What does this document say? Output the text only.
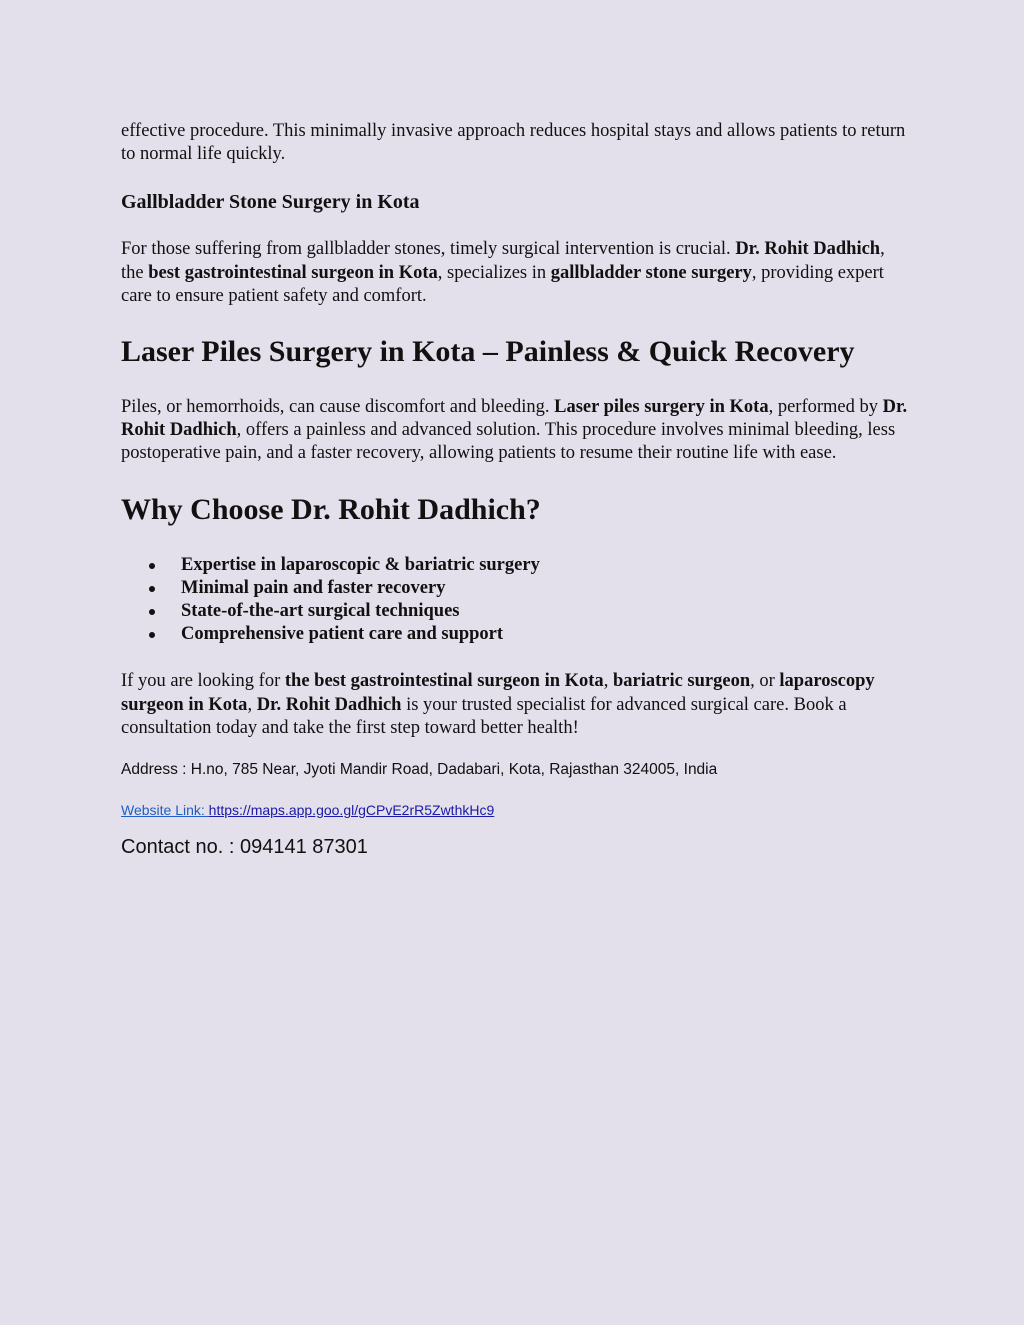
effective procedure. This minimally invasive approach reduces hospital stays and allows patients to return to normal life quickly.

Gallbladder Stone Surgery in Kota

For those suffering from gallbladder stones, timely surgical intervention is crucial. Dr. Rohit Dadhich, the best gastrointestinal surgeon in Kota, specializes in gallbladder stone surgery, providing expert care to ensure patient safety and comfort.

Laser Piles Surgery in Kota – Painless & Quick Recovery

Piles, or hemorrhoids, can cause discomfort and bleeding. Laser piles surgery in Kota, performed by Dr. Rohit Dadhich, offers a painless and advanced solution. This procedure involves minimal bleeding, less postoperative pain, and a faster recovery, allowing patients to resume their routine life with ease.

Why Choose Dr. Rohit Dadhich?
Expertise in laparoscopic & bariatric surgery
Minimal pain and faster recovery
State-of-the-art surgical techniques
Comprehensive patient care and support

If you are looking for the best gastrointestinal surgeon in Kota, bariatric surgeon, or laparoscopy surgeon in Kota, Dr. Rohit Dadhich is your trusted specialist for advanced surgical care. Book a consultation today and take the first step toward better health!

Address : H.no, 785 Near, Jyoti Mandir Road, Dadabari, Kota, Rajasthan 324005, India

Website Link: https://maps.app.goo.gl/gCPvE2rR5ZwthkHc9

Contact no. : 094141 87301
